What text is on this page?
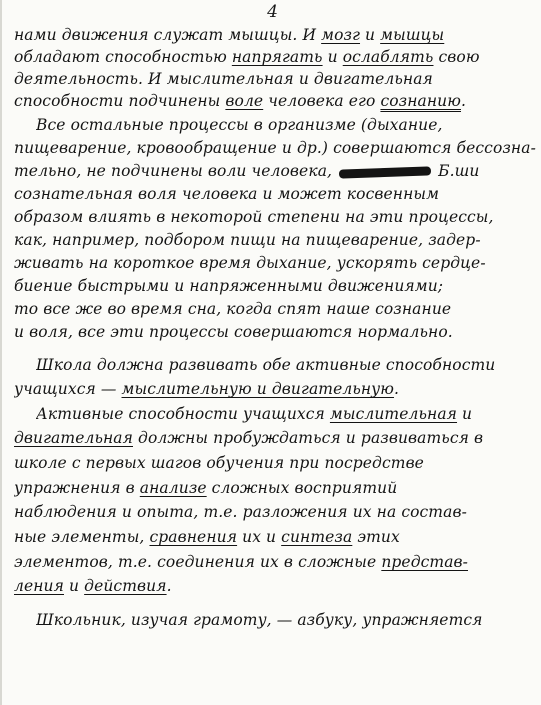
4
нами движения служат мышцы. И мозг и мышцы
обладают способностью напрягать и ослаблять свою
деятельность. И мыслительная и двигательная
способности подчинены воле человека его сознанию.
Все остальные процессы в организме (дыхание,
пищеварение, кровообращение и др.) совершаются бессозна-
тельно, не подчинены воли человека,	Б.ши
сознательная воля человека и может косвенным
образом влиять в некоторой степени на эти процессы,
как, например, подбором пищи на пищеварение, задер-
живать на короткое время дыхание, ускорять сердце-
биение быстрыми и напряженными движениями;
то все же во время сна, когда спят наше сознание
и воля, все эти процессы совершаются нормально.
Школа должна развивать обе активные способности
учащихся — мыслительную и двигательную.
Активные способности учащихся мыслительная и
двигательная должны пробуждаться и развиваться в
школе с первых шагов обучения при посредстве
упражнения в анализе сложных восприятий
наблюдения и опыта, т.е. разложения их на состав-
ные элементы, сравнения их и синтеза этих
элементов, т.е. соединения их в сложные представ-
ления и действия.
Школьник, изучая грамоту, — азбуку, упражняется
